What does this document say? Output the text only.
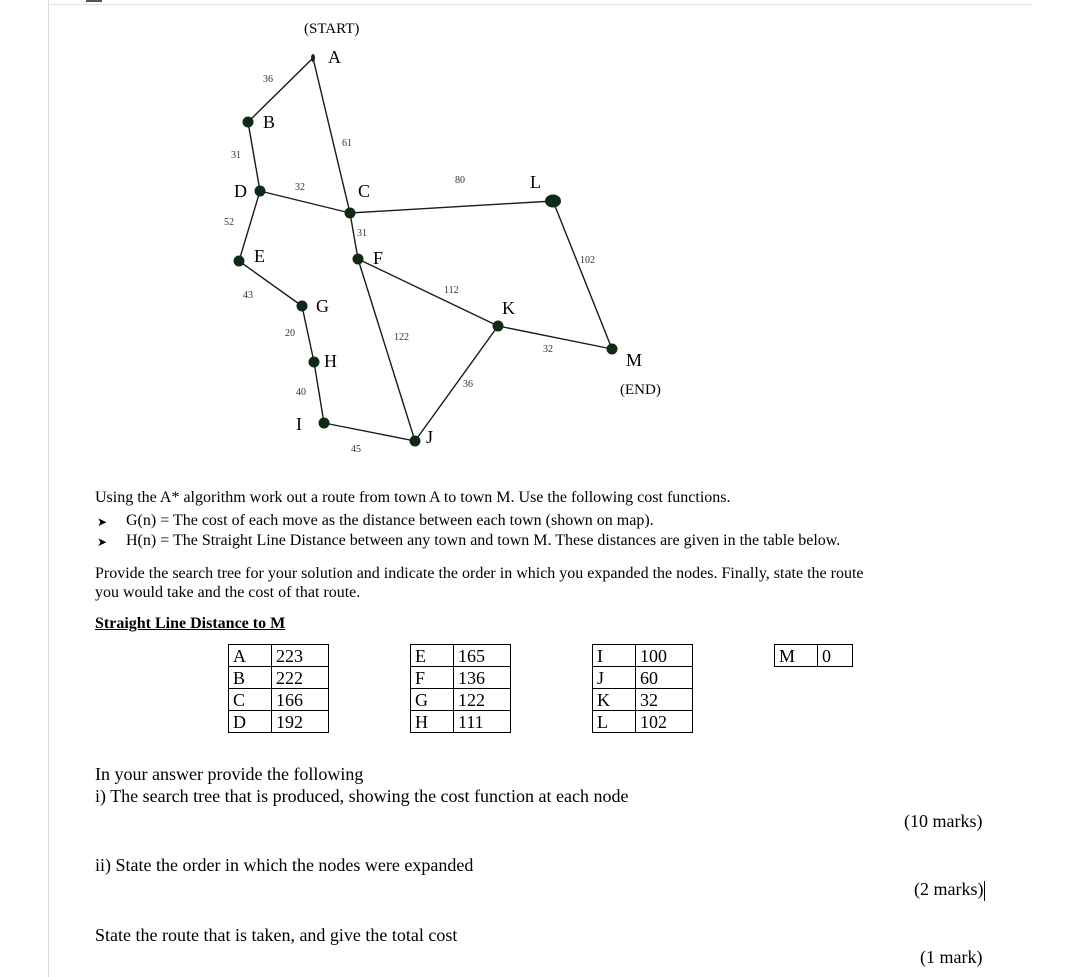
(START)
(END)
36
61
31
32
80
52
31
102
43	112
20	122
32
40
36
45
A
B
C
D
E	F
G
H
I
J
K
L
M
Using the A* algorithm work out a route from town A to town M. Use the following cost functions.
➤ G(n) = The cost of each move as the distance between each town (shown on map).
➤ H(n) = The Straight Line Distance between any town and town M. These distances are given in the table below.
Provide the search tree for your solution and indicate the order in which you expanded the nodes. Finally, state the route
you would take and the cost of that route.
Straight Line Distance to M
A	223
B	222
C	166
D	192
E	165
F	136
G	122
H	111
I	100
J	60
K	32
L	102
M	0
In your answer provide the following
i) The search tree that is produced, showing the cost function at each node
(10 marks)
ii) State the order in which the nodes were expanded
(2 marks)
State the route that is taken, and give the total cost
(1 mark)
